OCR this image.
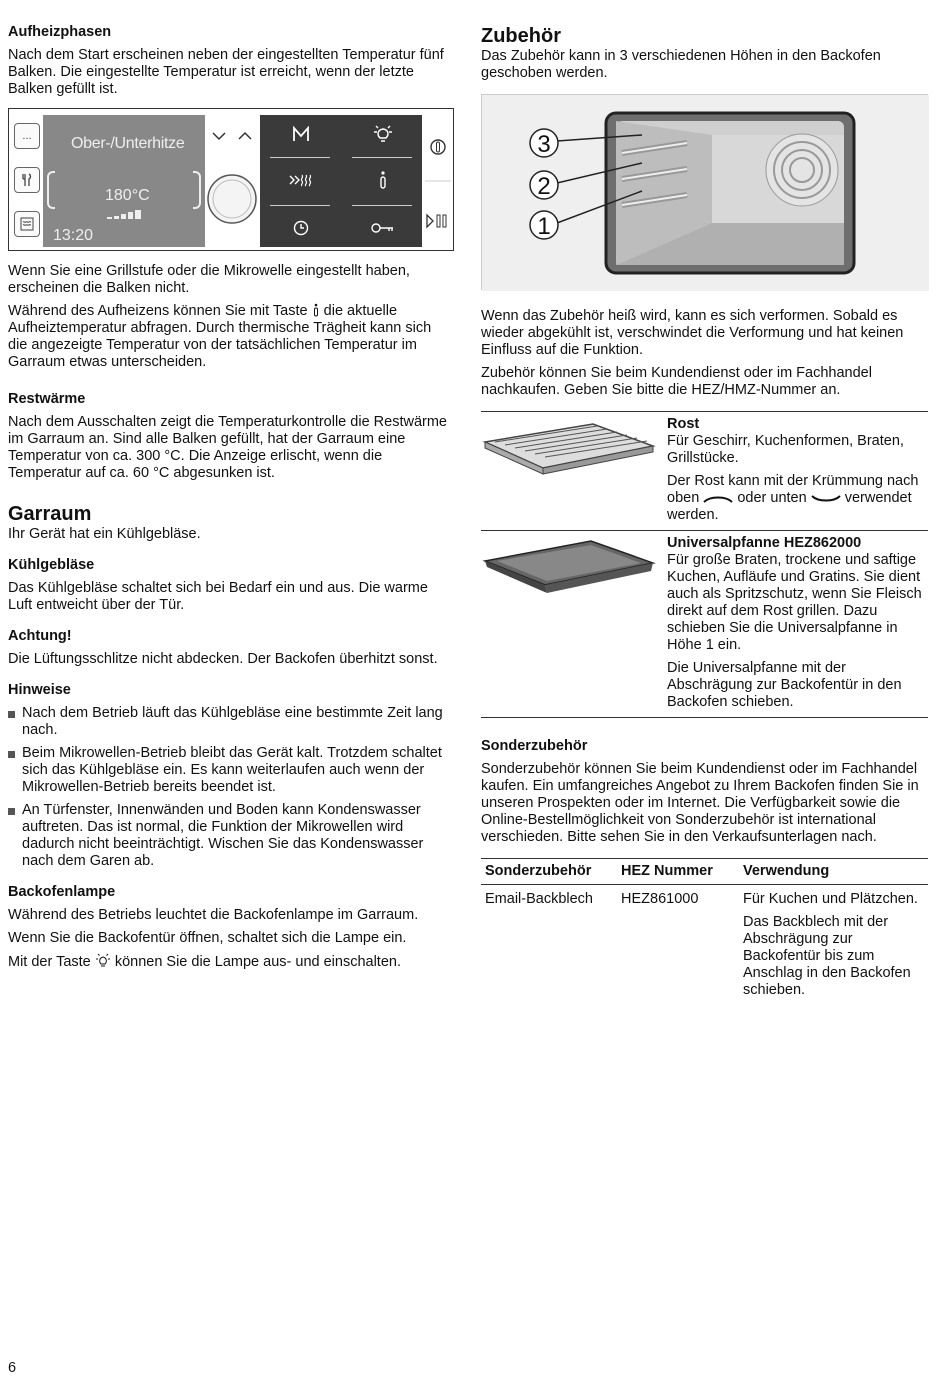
Aufheizphasen

Nach dem Start erscheinen neben der eingestellten Temperatur fünf Balken. Die eingestellte Temperatur ist erreicht, wenn der letzte Balken gefüllt ist.

... Ober-/Unterhitze
180°C
13:20

Wenn Sie eine Grillstufe oder die Mikrowelle eingestellt haben, erscheinen die Balken nicht.

Während des Aufheizens können Sie mit Taste die aktuelle Aufheiztemperatur abfragen. Durch thermische Trägheit kann sich die angezeigte Temperatur von der tatsächlichen Temperatur im Garraum etwas unterscheiden.

Restwärme

Nach dem Ausschalten zeigt die Temperaturkontrolle die Restwärme im Garraum an. Sind alle Balken gefüllt, hat der Garraum eine Temperatur von ca. 300 °C. Die Anzeige erlischt, wenn die Temperatur auf ca. 60 °C abgesunken ist.

Garraum

Ihr Gerät hat ein Kühlgebläse.

Kühlgebläse

Das Kühlgebläse schaltet sich bei Bedarf ein und aus. Die warme Luft entweicht über der Tür.

Achtung!

Die Lüftungsschlitze nicht abdecken. Der Backofen überhitzt sonst.

Hinweise
Nach dem Betrieb läuft das Kühlgebläse eine bestimmte Zeit lang nach.
Beim Mikrowellen-Betrieb bleibt das Gerät kalt. Trotzdem schaltet sich das Kühlgebläse ein. Es kann weiterlaufen auch wenn der Mikrowellen-Betrieb bereits beendet ist.
An Türfenster, Innenwänden und Boden kann Kondenswasser auftreten. Das ist normal, die Funktion der Mikrowellen wird dadurch nicht beeinträchtigt. Wischen Sie das Kondenswasser nach dem Garen ab.
Backofenlampe

Während des Betriebs leuchtet die Backofenlampe im Garraum.

Wenn Sie die Backofentür öffnen, schaltet sich die Lampe ein.

Mit der Taste können Sie die Lampe aus- und einschalten.

Zubehör

Das Zubehör kann in 3 verschiedenen Höhen in den Backofen geschoben werden.

3
2
1

Wenn das Zubehör heiß wird, kann es sich verformen. Sobald es wieder abgekühlt ist, verschwindet die Verformung und hat keinen Einfluss auf die Funktion.

Zubehör können Sie beim Kundendienst oder im Fachhandel nachkaufen. Geben Sie bitte die HEZ/HMZ-Nummer an.

Rost

Für Geschirr, Kuchenformen, Braten, Grillstücke.

Der Rost kann mit der Krümmung nach oben	oder unten	verwendet werden.

Universalpfanne HEZ862000

Für große Braten, trockene und saftige Kuchen, Aufläufe und Gratins. Sie dient auch als Spritzschutz, wenn Sie Fleisch direkt auf dem Rost grillen. Dazu schieben Sie die Universalpfanne in Höhe 1 ein.

Die Universalpfanne mit der Abschrägung zur Backofentür in den Backofen schieben.

Sonderzubehör

Sonderzubehör können Sie beim Kundendienst oder im Fachhandel kaufen. Ein umfangreiches Angebot zu Ihrem Backofen finden Sie in unseren Prospekten oder im Internet. Die Verfügbarkeit sowie die Online-Bestellmöglichkeit von Sonderzubehör ist international verschieden. Bitte sehen Sie in den Verkaufsunterlagen nach.

Sonderzubehör	HEZ Nummer	Verwendung
Email-Backblech	HEZ861000	Für Kuchen und Plätzchen.

Das Backblech mit der Abschrägung zur Backofentür bis zum Anschlag in den Backofen schieben.

6
